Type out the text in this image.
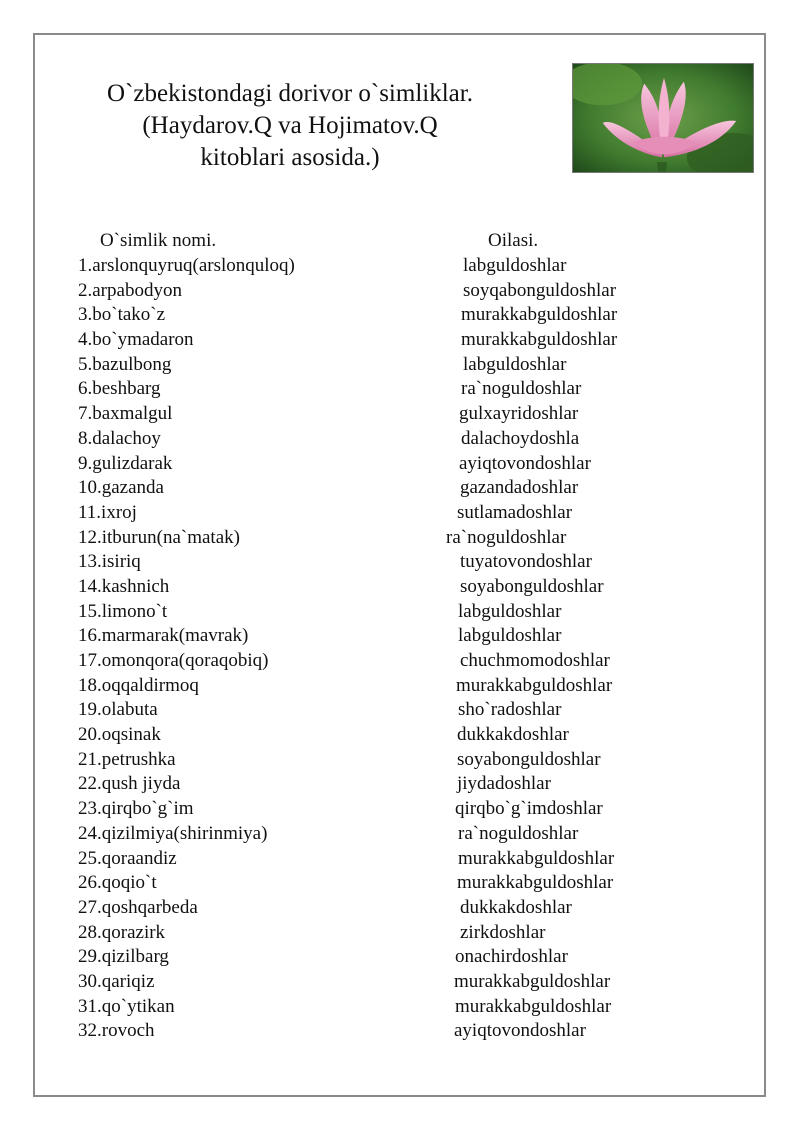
O`zbekistondagi dorivor o`simliklar.
(Haydarov.Q va Hojimatov.Q
kitoblari asosida.)
O`simlik nomi.	Oilasi.
1.arslonquyruq(arslonquloq)	labguldoshlar
2.arpabodyon	soyqabonguldoshlar
3.bo`tako`z	murakkabguldoshlar
4.bo`ymadaron	murakkabguldoshlar
5.bazulbong	labguldoshlar
6.beshbarg	ra`noguldoshlar
7.baxmalgul	gulxayridoshlar
8.dalachoy	dalachoydoshla
9.gulizdarak	ayiqtovondoshlar
10.gazanda	gazandadoshlar
11.ixroj	sutlamadoshlar
12.itburun(na`matak)	ra`noguldoshlar
13.isiriq	tuyatovondoshlar
14.kashnich	soyabonguldoshlar
15.limono`t	labguldoshlar
16.marmarak(mavrak)	labguldoshlar
17.omonqora(qoraqobiq)	chuchmomodoshlar
18.oqqaldirmoq	murakkabguldoshlar
19.olabuta	sho`radoshlar
20.oqsinak	dukkakdoshlar
21.petrushka	soyabonguldoshlar
22.qush jiyda	jiydadoshlar
23.qirqbo`g`im	qirqbo`g`imdoshlar
24.qizilmiya(shirinmiya)	ra`noguldoshlar
25.qoraandiz	murakkabguldoshlar
26.qoqio`t	murakkabguldoshlar
27.qoshqarbeda	dukkakdoshlar
28.qorazirk	zirkdoshlar
29.qizilbarg	onachirdoshlar
30.qariqiz	murakkabguldoshlar
31.qo`ytikan	murakkabguldoshlar
32.rovoch	ayiqtovondoshlar
